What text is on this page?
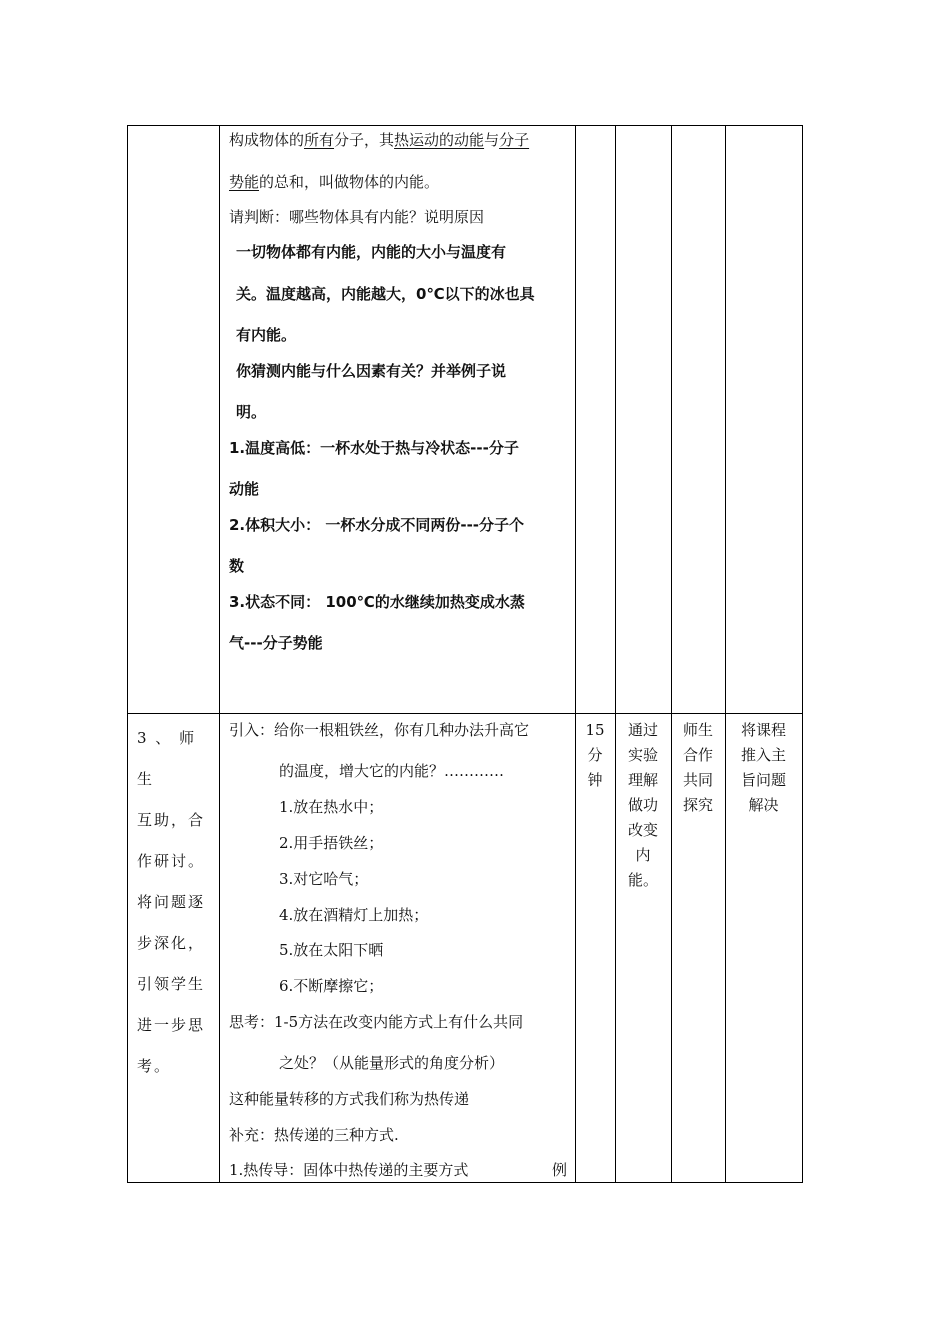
构成物体的所有分子，其热运动的动能与分子
势能的总和，叫做物体的内能。
请判断：哪些物体具有内能？说明原因
一切物体都有内能，内能的大小与温度有
关。温度越高，内能越大，0℃以下的冰也具
有内能。
你猜测内能与什么因素有关？并举例子说
明。
1.温度高低：一杯水处于热与冷状态---分子
动能
2.体积大小： 一杯水分成不同两份---分子个
数
3.状态不同： 100℃的水继续加热变成水蒸
气---分子势能
3 、 师 生
互助，合
作研讨。
将问题逐
步深化，
引领学生
进一步思
考。
引入：给你一根粗铁丝，你有几种办法升高它
的温度，增大它的内能？…………
1.放在热水中；
2.用手捂铁丝；
3.对它哈气；
4.放在酒精灯上加热；
5.放在太阳下晒
6.不断摩擦它；
思考：1-5方法在改变内能方式上有什么共同
之处？（从能量形式的角度分析）
这种能量转移的方式我们称为热传递
补充：热传递的三种方式.
1.热传导：固体中热传递的主要方式	例
15
分
钟
通过
实验
理解
做功
改变
内
能。
师生
合作
共同
探究
将课程
推入主
旨问题
解决
